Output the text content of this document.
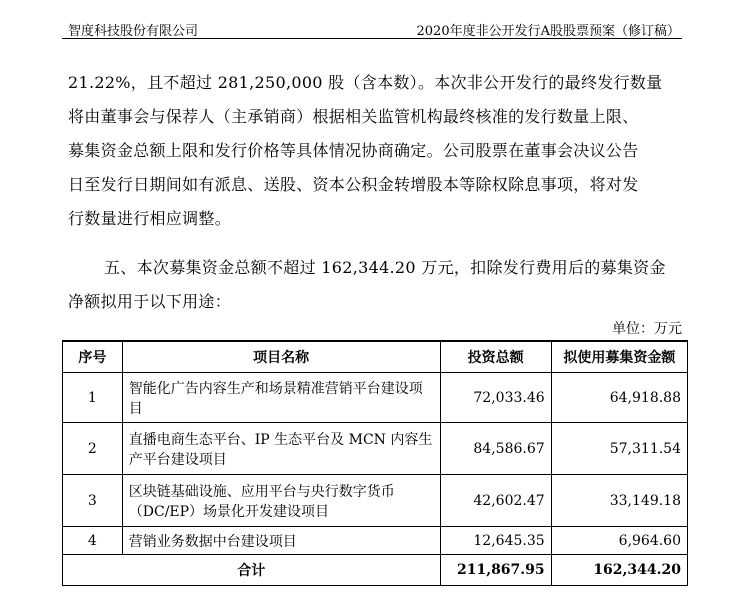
智度科技股份有限公司	2020年度非公开发行A股股票预案（修订稿）
21.22%，且不超过 281,250,000 股（含本数）。本次非公开发行的最终发行数量
将由董事会与保荐人（主承销商）根据相关监管机构最终核准的发行数量上限、
募集资金总额上限和发行价格等具体情况协商确定。公司股票在董事会决议公告
日至发行日期间如有派息、送股、资本公积金转增股本等除权除息事项，将对发
行数量进行相应调整。
五、本次募集资金总额不超过 162,344.20 万元，扣除发行费用后的募集资金
净额拟用于以下用途：
单位：万元
序号	项目名称	投资总额	拟使用募集资金额
1	智能化广告内容生产和场景精准营销平台建设项目	72,033.46	64,918.88
2	直播电商生态平台、IP 生态平台及 MCN 内容生产平台建设项目	84,586.67	57,311.54
3	区块链基础设施、应用平台与央行数字货币（DC/EP）场景化开发建设项目	42,602.47	33,149.18
4	营销业务数据中台建设项目	12,645.35	6,964.60
合计		211,867.95	162,344.20
